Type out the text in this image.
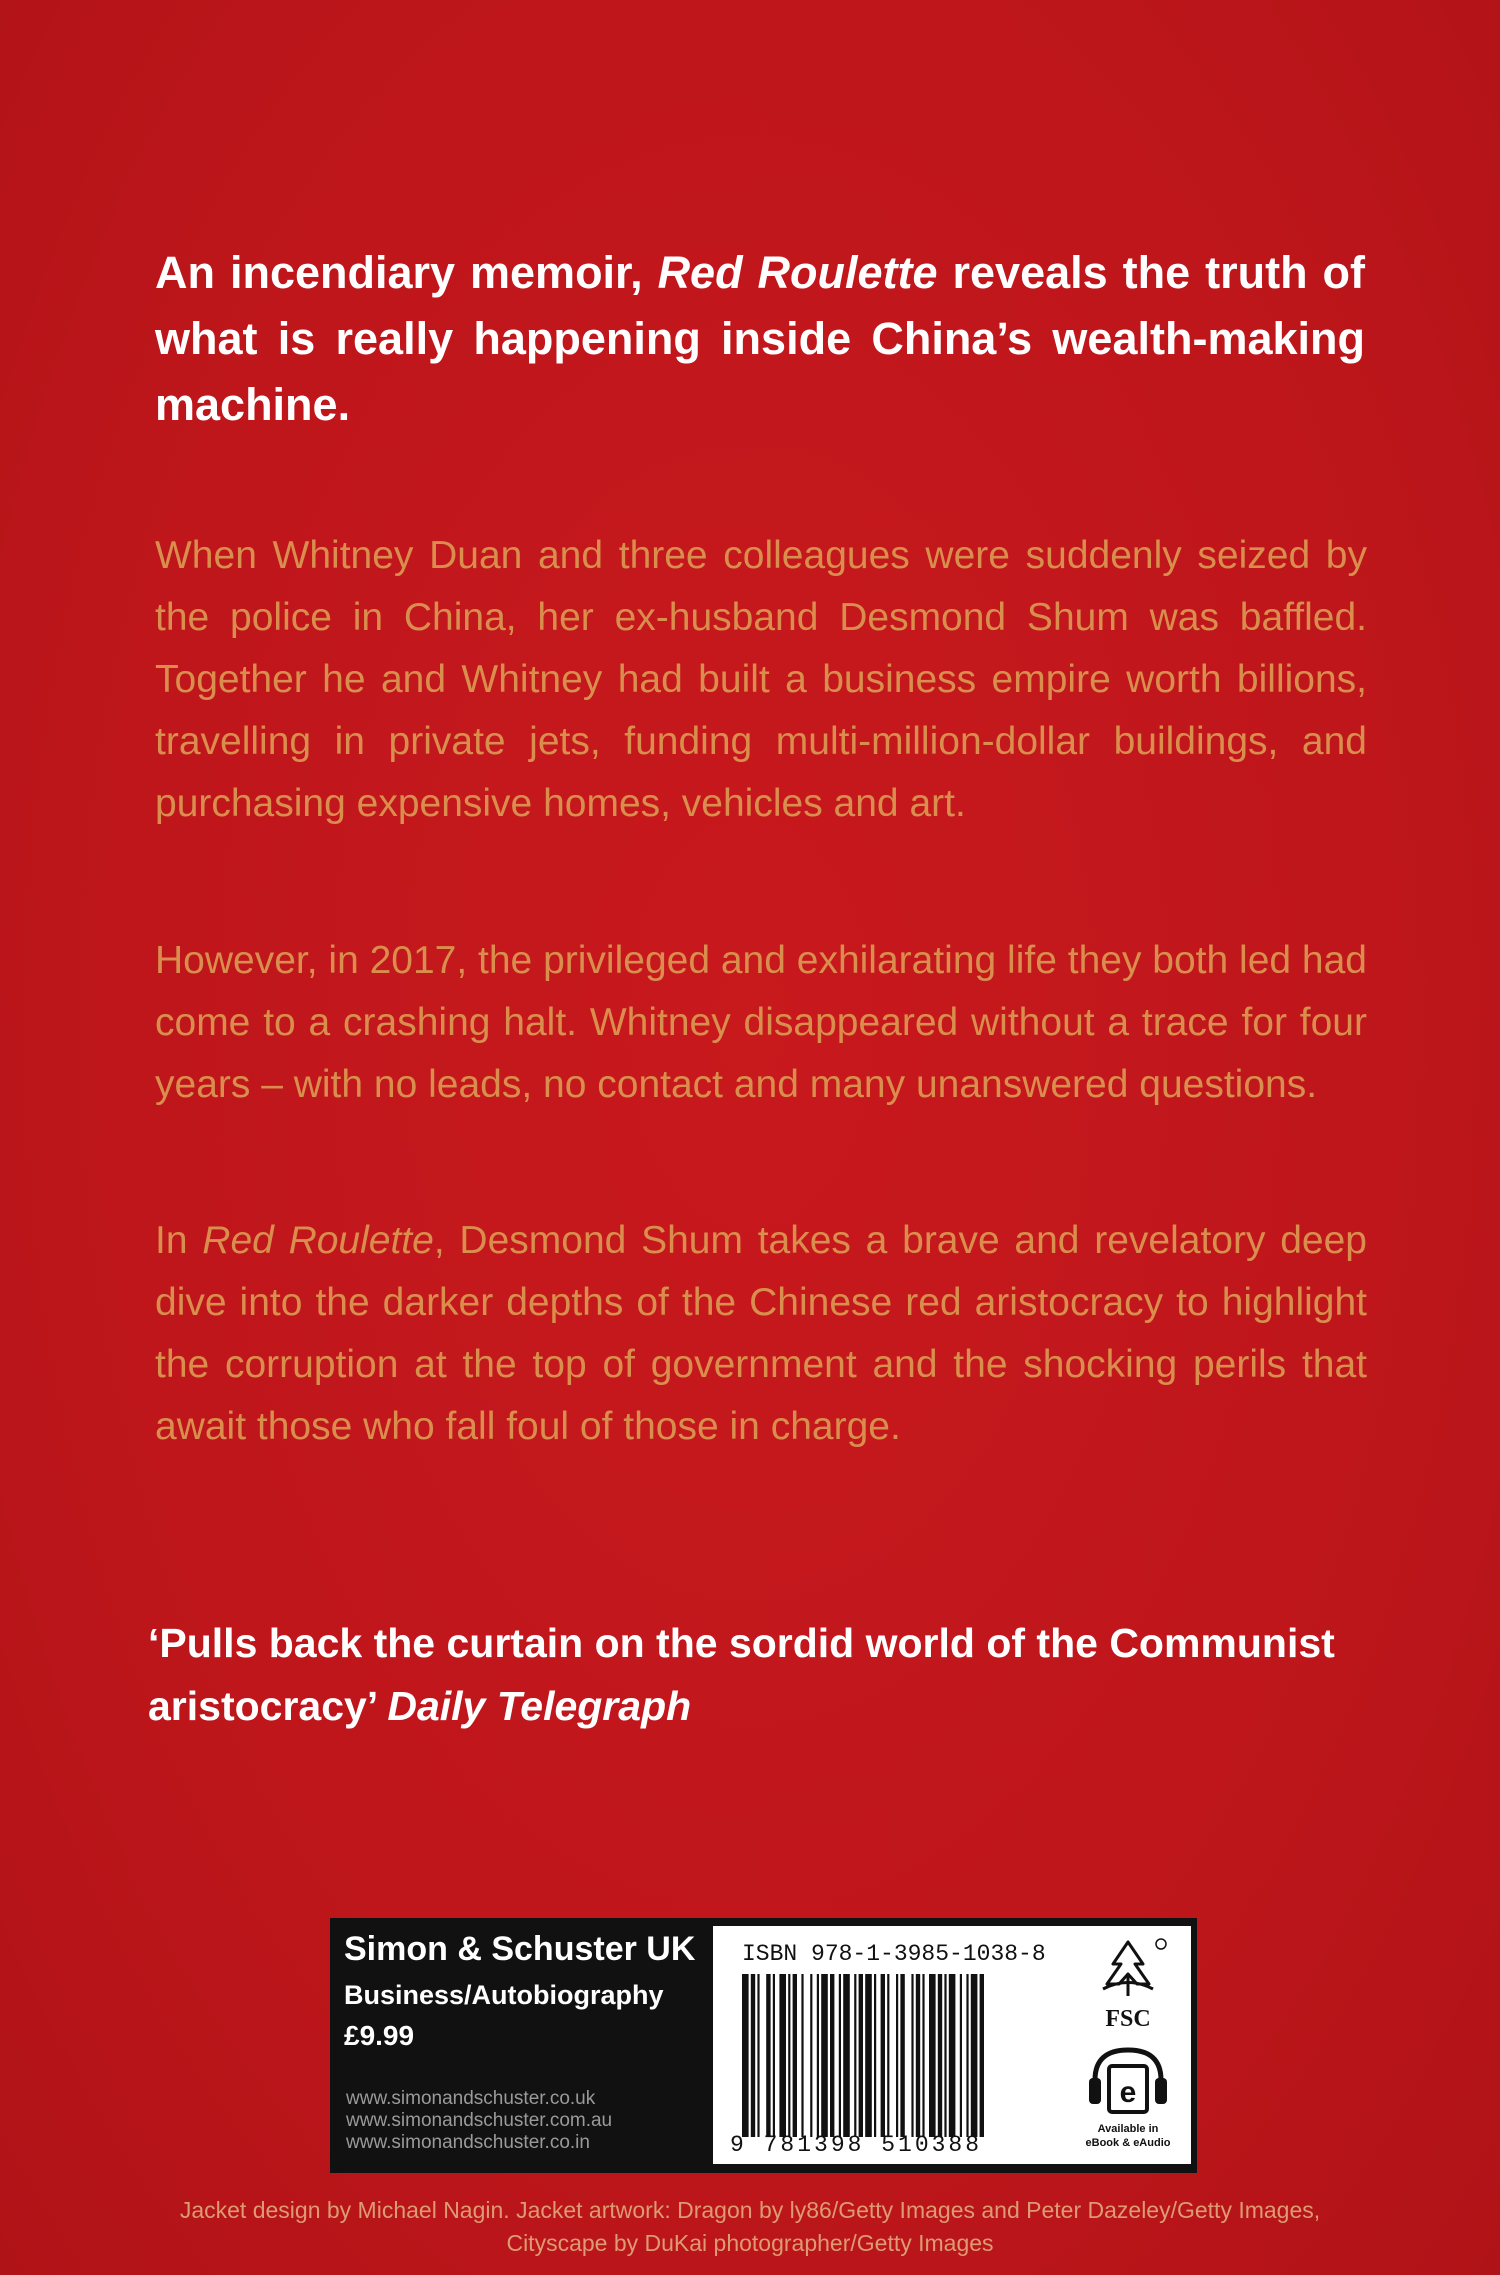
An incendiary memoir, Red Roulette reveals the truth of what is really happening inside China’s wealth-making machine.
When Whitney Duan and three colleagues were suddenly seized by the police in China, her ex-husband Desmond Shum was baffled. Together he and Whitney had built a business empire worth billions, travelling in private jets, funding multi-million-dollar buildings, and purchasing expensive homes, vehicles and art.
However, in 2017, the privileged and exhilarating life they both led had come to a crashing halt. Whitney disappeared without a trace for four years – with no leads, no contact and many unanswered questions.
In Red Roulette, Desmond Shum takes a brave and revelatory deep dive into the darker depths of the Chinese red aristocracy to highlight the corruption at the top of government and the shocking perils that await those who fall foul of those in charge.
‘Pulls back the curtain on the sordid world of the Communist aristocracy’ Daily Telegraph
Simon & Schuster UK
Business/Autobiography
£9.99
www.simonandschuster.co.uk
www.simonandschuster.com.au
www.simonandschuster.co.in
ISBN 978-1-3985-1038-8
9 781398 510388
FSC
e
Available in
eBook & eAudio
Jacket design by Michael Nagin. Jacket artwork: Dragon by ly86/Getty Images and Peter Dazeley/Getty Images,
Cityscape by DuKai photographer/Getty Images
